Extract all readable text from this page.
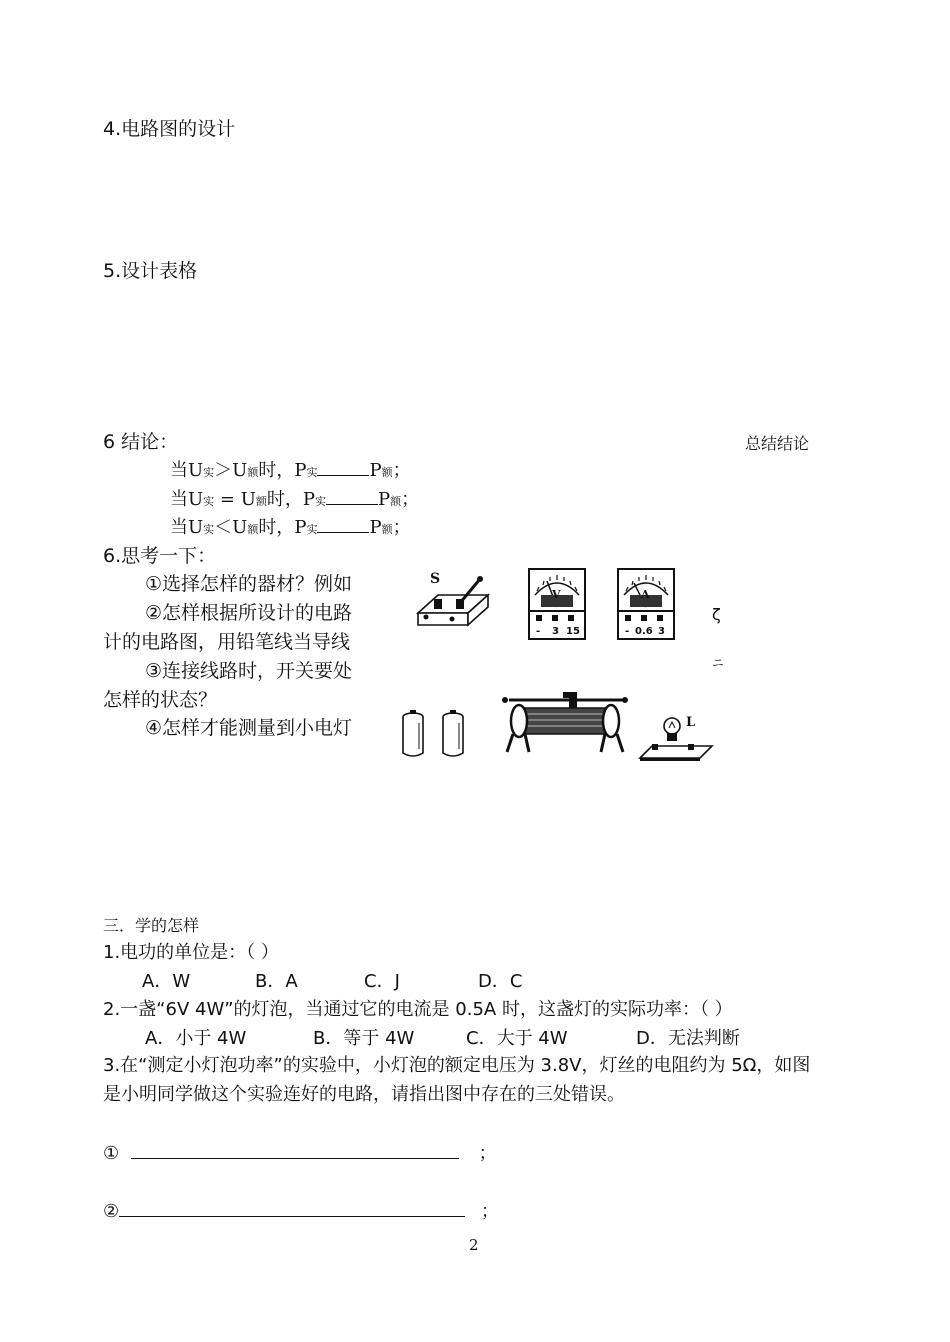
4.电路图的设计
5.设计表格
6 结论：	总结结论
当U实＞U额时，P实	P额；
当U实 = U额时，P实	P额；
当U实＜U额时，P实	P额；
6.思考一下：
①选择怎样的器材？例如
②怎样根据所设计的电路
计的电路图，用铅笔线当导线
③连接线路时，开关要处
怎样的状态？
④怎样才能测量到小电灯
ζ
ニ
S
V
- 3 15
A
- 0.6 3
L
三．学的怎样
1.电功的单位是：（ ）
A．W	B．A	C．J	D．C
2.一盏“6V 4W”的灯泡，当通过它的电流是 0.5A 时，这盏灯的实际功率：（ ）
A．小于 4W	B．等于 4W	C．大于 4W	D．无法判断
3.在“测定小灯泡功率”的实验中，小灯泡的额定电压为 3.8V，灯丝的电阻约为 5Ω，如图
是小明同学做这个实验连好的电路，请指出图中存在的三处错误。
①	；
②	；
2
